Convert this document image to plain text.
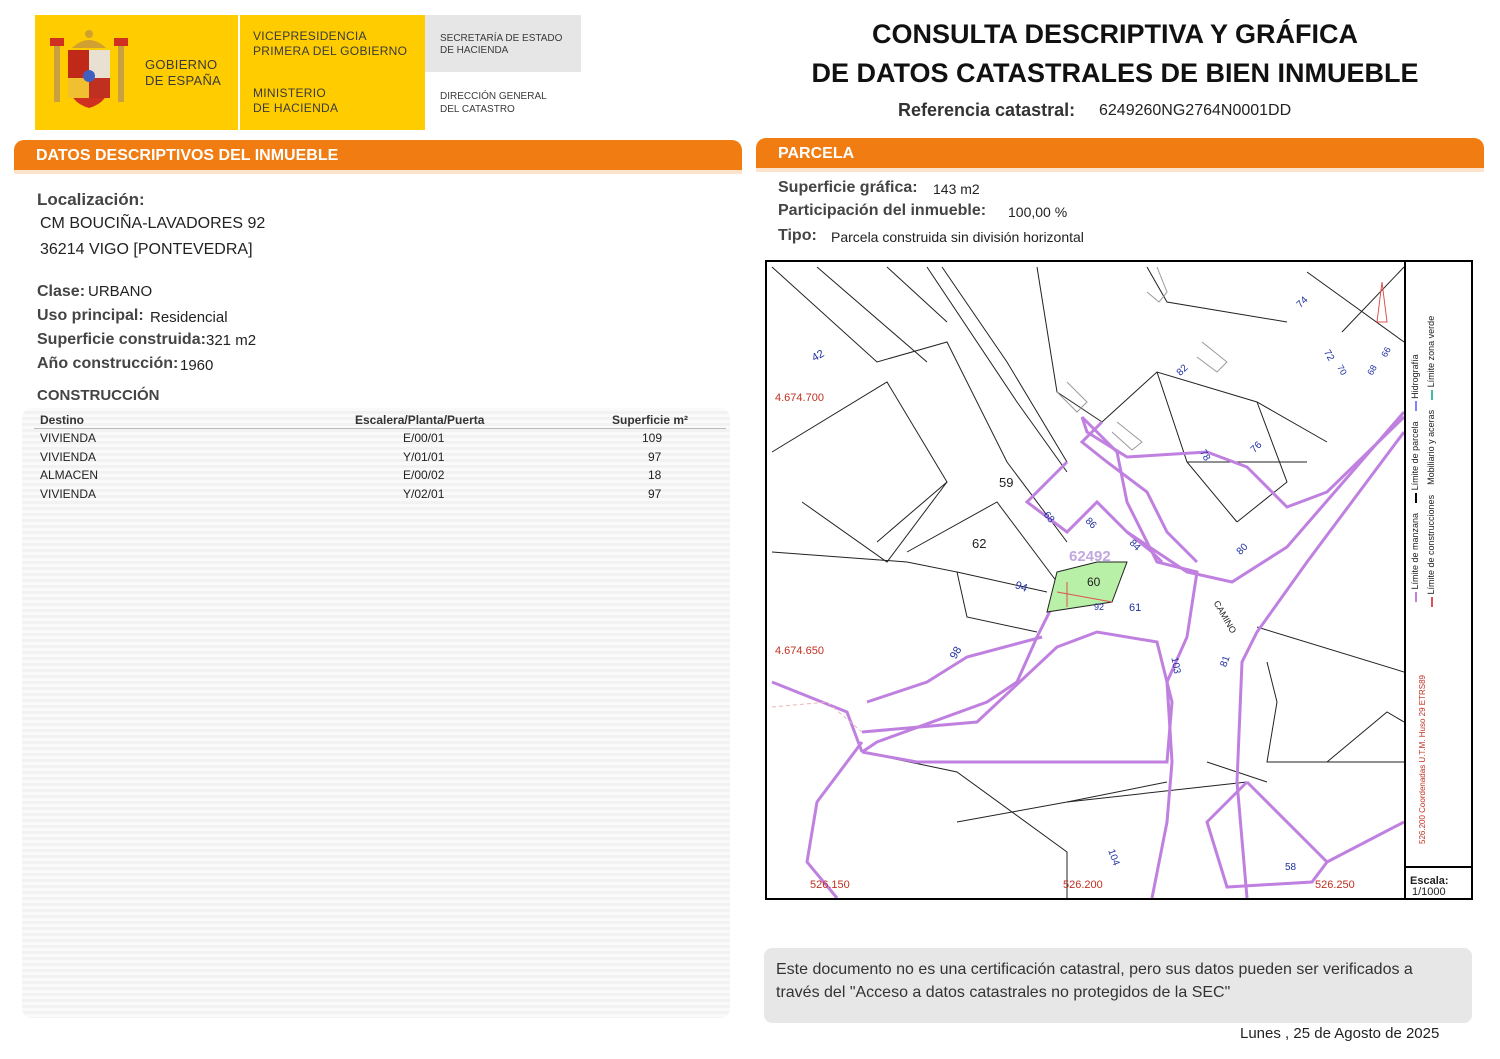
GOBIERNO
DE ESPAÑA
VICEPRESIDENCIA
PRIMERA DEL GOBIERNO
MINISTERIO
DE HACIENDA
SECRETARÍA DE ESTADO
DE HACIENDA
DIRECCIÓN GENERAL
DEL CATASTRO
CONSULTA DESCRIPTIVA Y GRÁFICA
DE DATOS CATASTRALES DE BIEN INMUEBLE
Referencia catastral: 6249260NG2764N0001DD
DATOS DESCRIPTIVOS DEL INMUEBLE
Localización:
CM BOUCIÑA-LAVADORES 92
36214 VIGO [PONTEVEDRA]
Clase: URBANO
Uso principal: Residencial
Superficie construida: 321 m2
Año construcción: 1960
CONSTRUCCIÓN
Destino	Escalera/Planta/Puerta	Superficie m²
VIVIENDA	E/00/01	109
VIVIENDA	Y/01/01	97
ALMACEN	E/00/02	18
VIVIENDA	Y/02/01	97
PARCELA
Superficie gráfica: 143 m2
Participación del inmueble: 100,00 %
Tipo: Parcela construida sin división horizontal
4.674.700
4.674.650
526.150	526.200	526.250
62492
CAMINO
42
59
62
94
98
60
61
92
68	86
84
74
82
72
70 68
66
78
76
80
81
103
104
58
Límite de manzana     Límite de parcela     Hidrografía
Límite de construcciones    Mobiliario y aceras     Límite zona verde
526.200 Coordenadas U.T.M. Huso 29 ETRS89
Escala:
1/1000
Este documento no es una certificación catastral, pero sus datos pueden ser verificados a
través del "Acceso a datos catastrales no protegidos de la SEC"
Lunes , 25 de Agosto de 2025
